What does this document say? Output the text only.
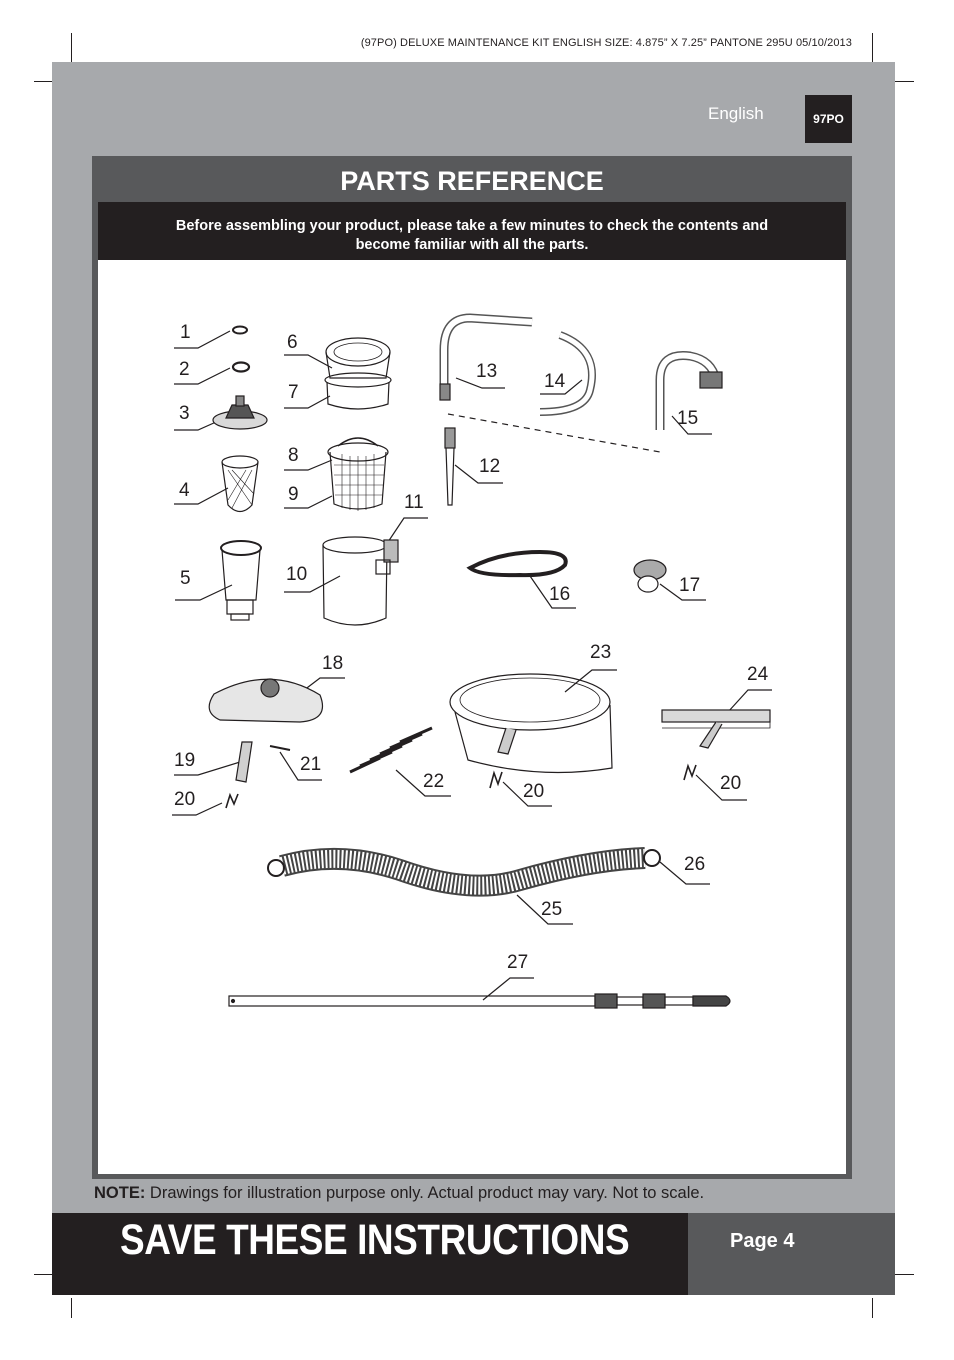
(97PO) DELUXE MAINTENANCE KIT ENGLISH SIZE: 4.875” X 7.25” PANTONE 295U 05/10/2013
English	97PO
PARTS REFERENCE
Before assembling your product, please take a few minutes to check the contents and become familiar with all the parts.
1
2
3
4
5
6
7
8
9
10
11
12
13 14
15
16	17
18
19
20
21
22	20
23
24
20
26
25
27
NOTE: Drawings for illustration purpose only. Actual product may vary. Not to scale.
SAVE THESE INSTRUCTIONS	Page 4
